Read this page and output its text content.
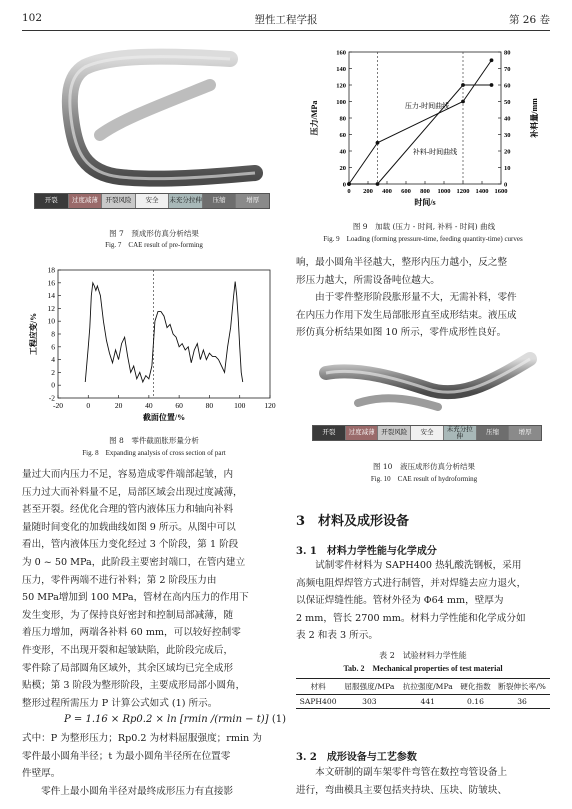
102	塑性工程学报	第 26 卷
开裂	过度减薄	开裂风险	安全	未充分拉伸	压缩	增厚
图 7　预成形仿真分析结果
Fig. 7　CAE result of pre-forming
-20	0	20	40	60	80	100	120
-2
0
2
4
6
8
10
12
14
16
18
截面位置/%
工程应变/%
图 8　零件截面胀形量分析
Fig. 8　Expanding analysis of cross section of part
量过大而内压力不足，容易造成零件端部起皱，内
压力过大而补料量不足，局部区域会出现过度减薄，
甚至开裂。经优化合理的管内液体压力和轴向补料
量随时间变化的加载曲线如图 9 所示。从图中可以
看出，管内液体压力变化经过 3 个阶段，第 1 阶段
为 0 ~ 50 MPa，此阶段主要密封端口，在管内建立
压力，零件两端不进行补料；第 2 阶段压力由
50 MPa增加到 100 MPa，管材在高内压力的作用下
发生变形，为了保持良好密封和控制局部减薄，随
着压力增加，两端各补料 60 mm，可以较好控制零
件变形，不出现开裂和起皱缺陷，此阶段完成后，
零件除了局部圆角区域外，其余区域均已完全成形
贴模；第 3 阶段为整形阶段，主要成形局部小圆角，
整形过程所需压力 P 计算公式如式 (1) 所示。
P = 1.16 × Rp0.2 × ln [rmin /(rmin − t)] (1)
式中：P 为整形压力；Rp0.2 为材料屈服强度；rmin 为
零件最小圆角半径；t 为最小圆角半径所在位置零
件壁厚。
　　零件上最小圆角半径对最终成形压力有直接影
0 200 400 600 800 1000 1200 1400 1600
0
20
40
60
80
100
120
140
160
0
10
20
30
40
50
60
70
80
压力-时间曲线
补料-时间曲线
时间/s
压力/MPa	补料量/mm
图 9　加载 (压力 - 时间, 补料 - 时间) 曲线
Fig. 9　Loading (forming pressure-time, feeding quantity-time) curves
响，最小圆角半径越大，整形内压力越小，反之整
形压力越大，所需设备吨位越大。
　　由于零件整形阶段胀形量不大，无需补料，零件
在内压力作用下发生局部胀形直至成形结束。液压成
形仿真分析结果如图 10 所示，零件成形性良好。
开裂	过度减薄	开裂风险	安全	未充分拉伸	压缩	增厚
图 10　液压成形仿真分析结果
Fig. 10　CAE result of hydroforming
3　材料及成形设备
3. 1　材料力学性能与化学成分
　　试制零件材料为 SAPH400 热轧酸洗钢板，采用
高频电阻焊焊管方式进行制管，并对焊缝去应力退火，
以保证焊缝性能。管材外径为 Φ64 mm，壁厚为
2 mm，管长 2700 mm。材料力学性能和化学成分如
表 2 和表 3 所示。
表 2　试验材料力学性能
Tab. 2　Mechanical properties of test material
材料	屈服强度/MPa	抗拉强度/MPa	硬化指数	断裂伸长率/%
SAPH400	303	441	0.16	36
3. 2　成形设备与工艺参数
　　本文研制的副车架零件弯管在数控弯管设备上
进行，弯曲模具主要包括夹持块、压块、防皱块、
